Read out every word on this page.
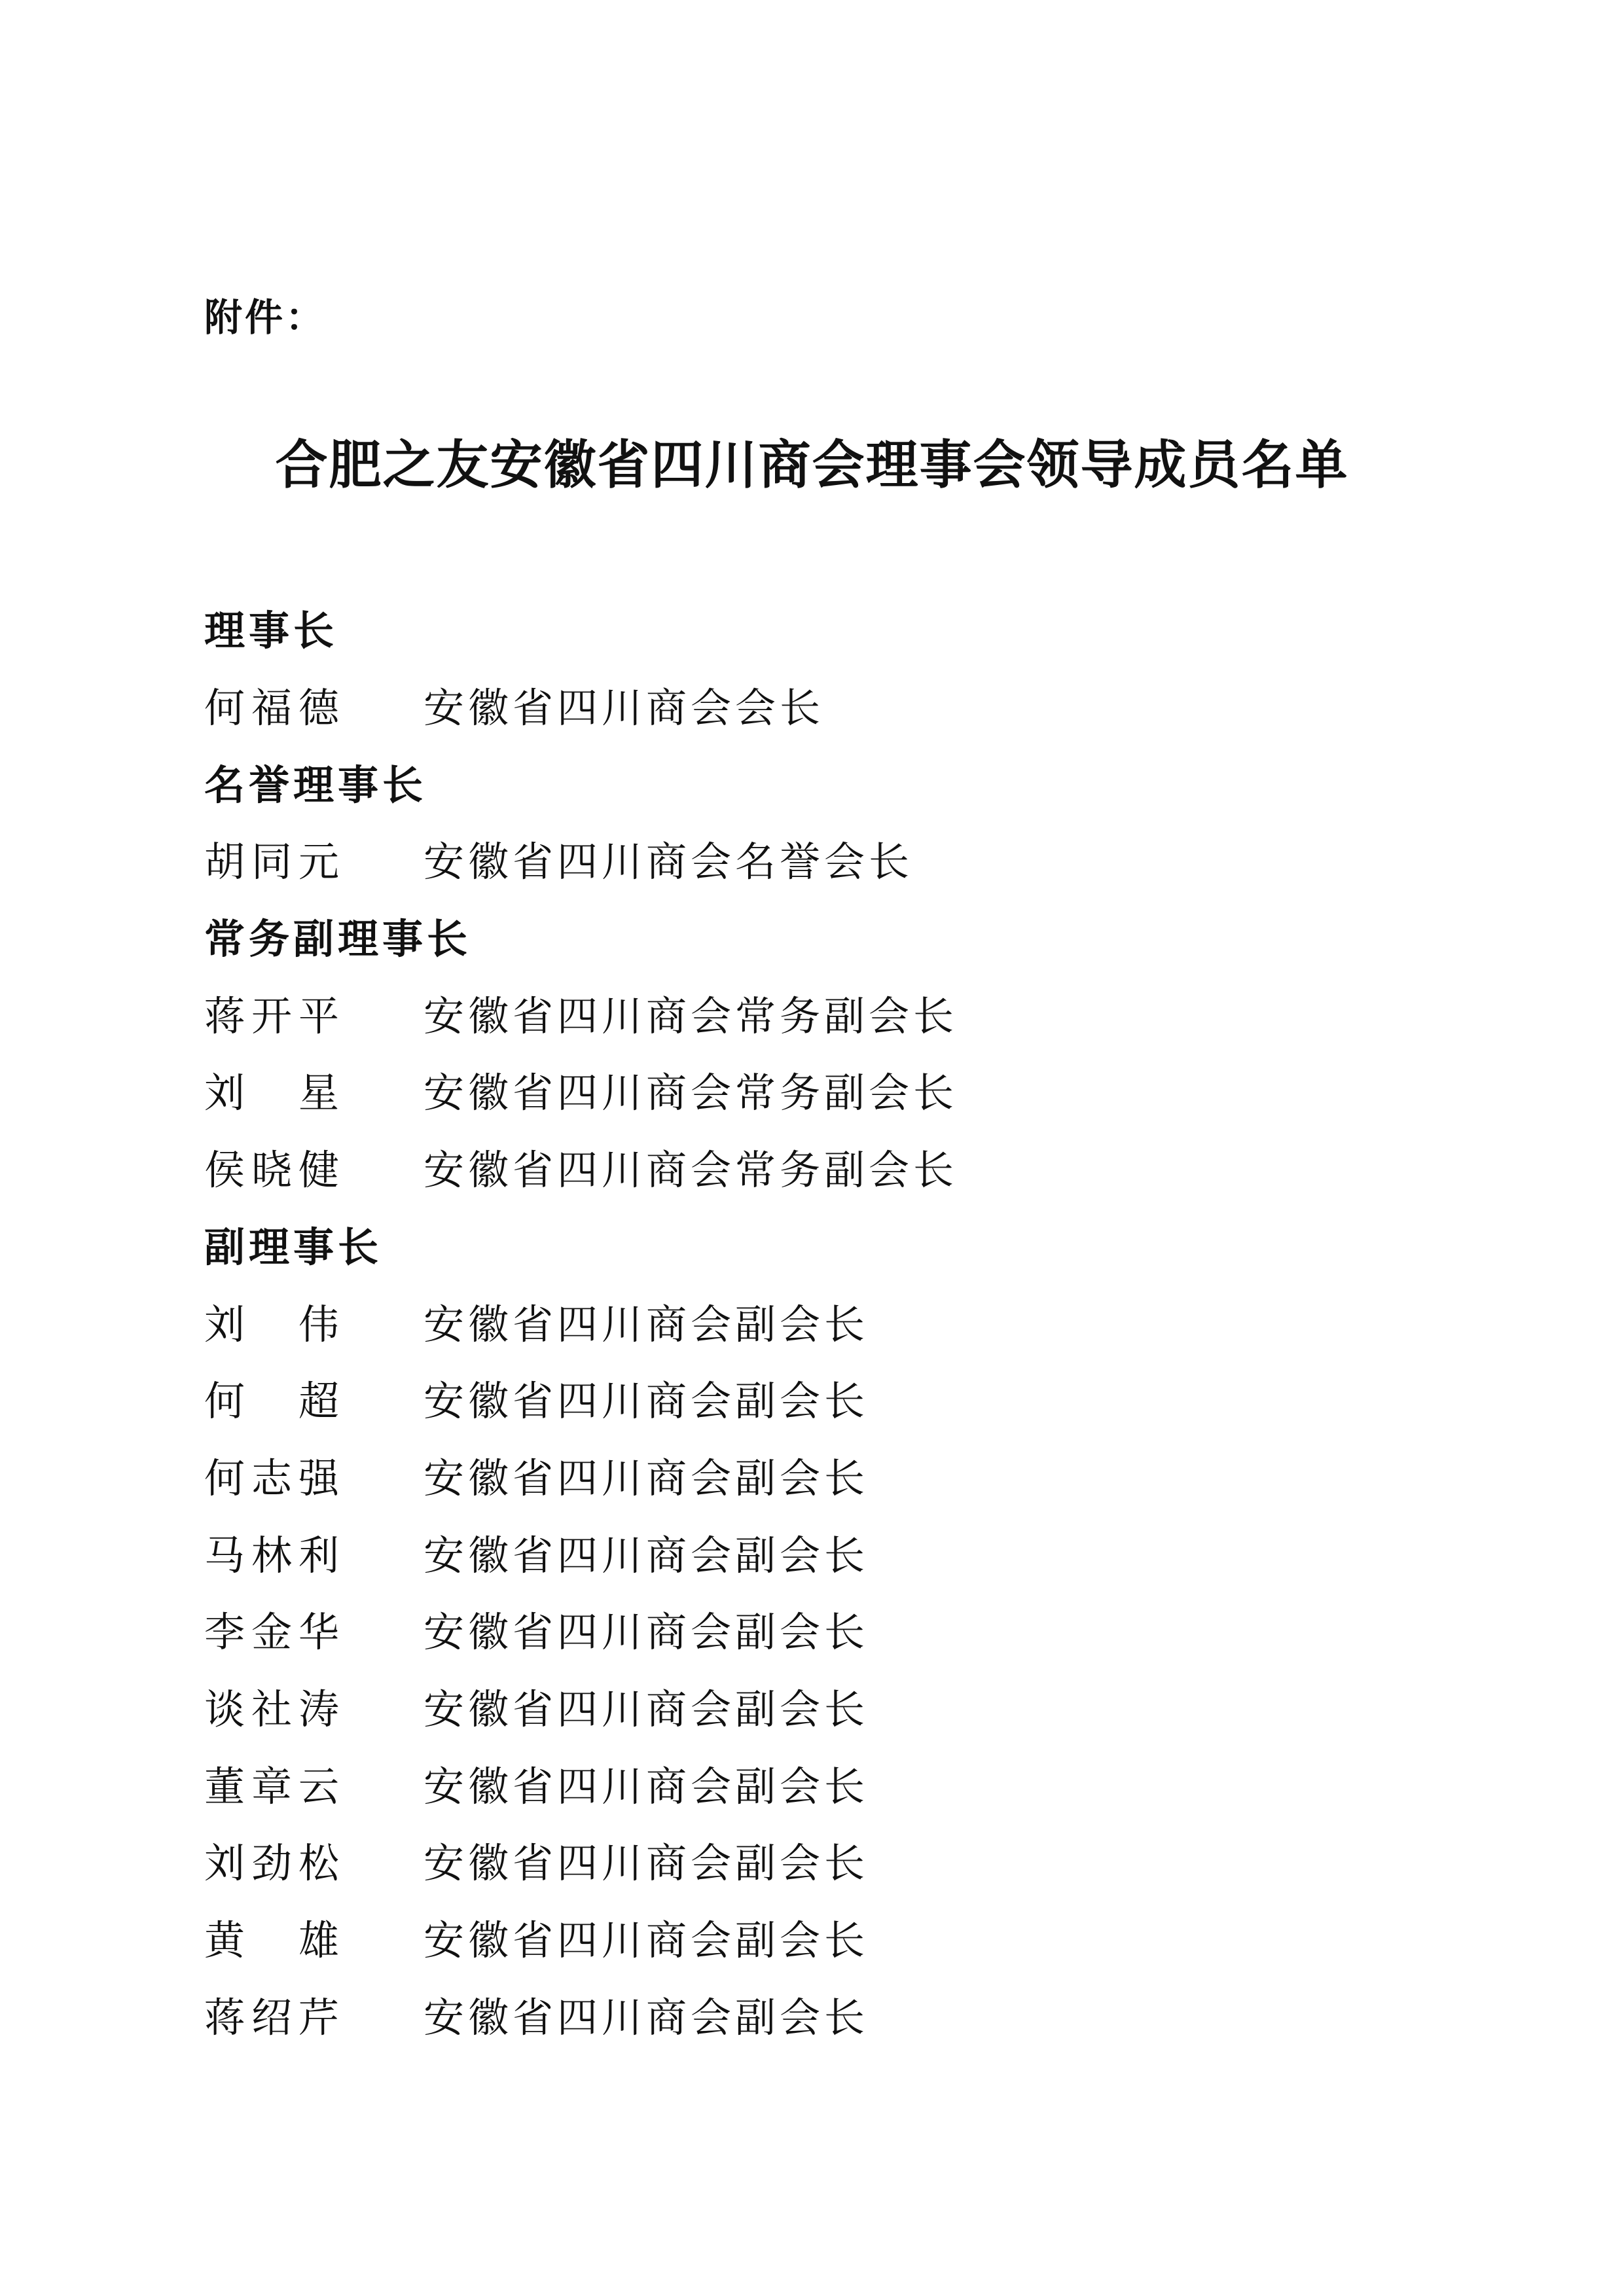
附件：
合肥之友安徽省四川商会理事会领导成员名单
理事长
何福德	安徽省四川商会会长
名誉理事长
胡同元	安徽省四川商会名誉会长
常务副理事长
蒋开平	安徽省四川商会常务副会长
刘　星	安徽省四川商会常务副会长
侯晓健	安徽省四川商会常务副会长
副理事长
刘　伟	安徽省四川商会副会长
何　超	安徽省四川商会副会长
何志强	安徽省四川商会副会长
马林利	安徽省四川商会副会长
李金华	安徽省四川商会副会长
谈社涛	安徽省四川商会副会长
董章云	安徽省四川商会副会长
刘劲松	安徽省四川商会副会长
黄　雄	安徽省四川商会副会长
蒋绍芹	安徽省四川商会副会长
